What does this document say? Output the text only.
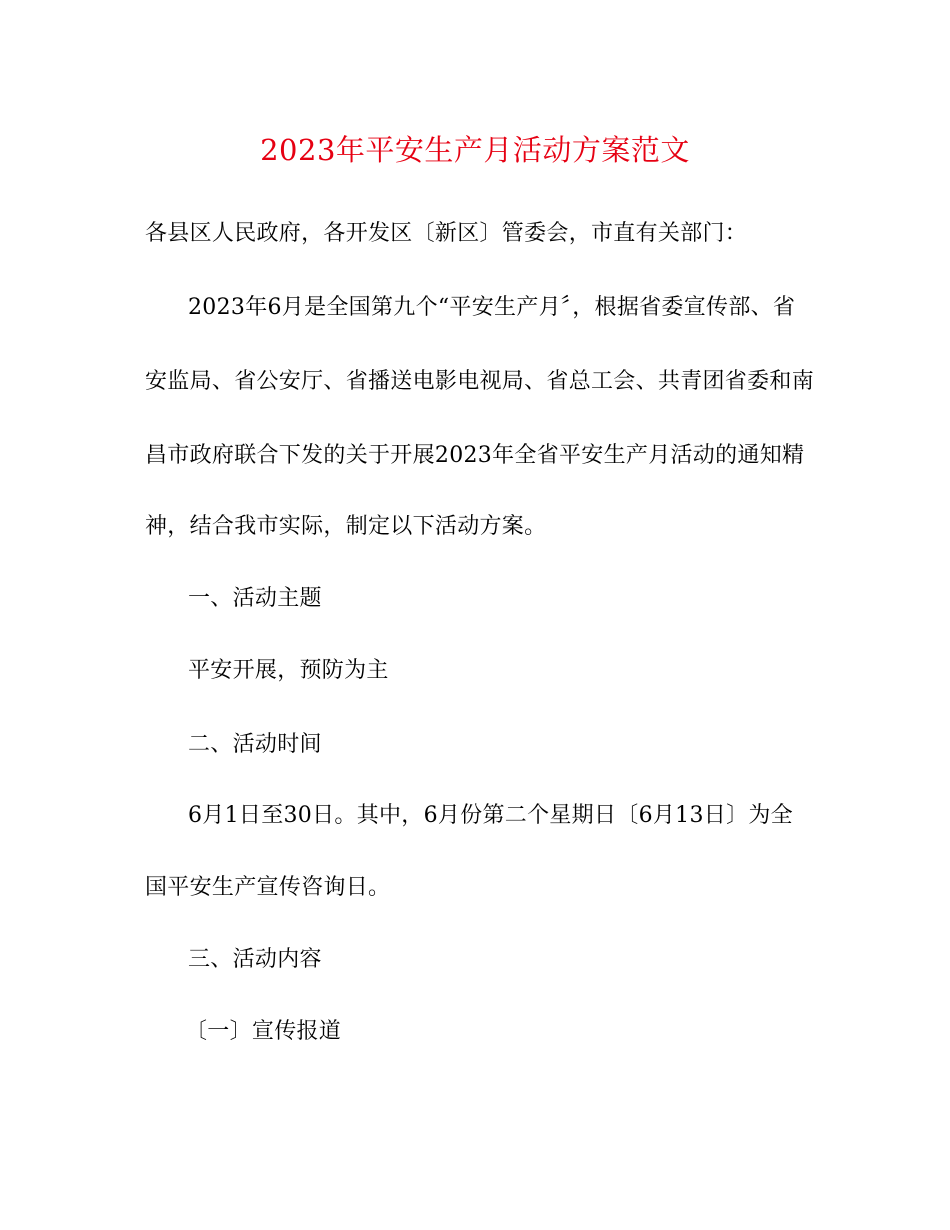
2023年平安生产月活动方案范文
各县区人民政府，各开发区〔新区〕管委会，市直有关部门：
2023年6月是全国第九个“平安生产月〞，根据省委宣传部、省
安监局、省公安厅、省播送电影电视局、省总工会、共青团省委和南
昌市政府联合下发的关于开展2023年全省平安生产月活动的通知精
神，结合我市实际，制定以下活动方案。
一、活动主题
平安开展，预防为主
二、活动时间
6月1日至30日。其中，6月份第二个星期日〔6月13日〕为全
国平安生产宣传咨询日。
三、活动内容
〔一〕宣传报道
